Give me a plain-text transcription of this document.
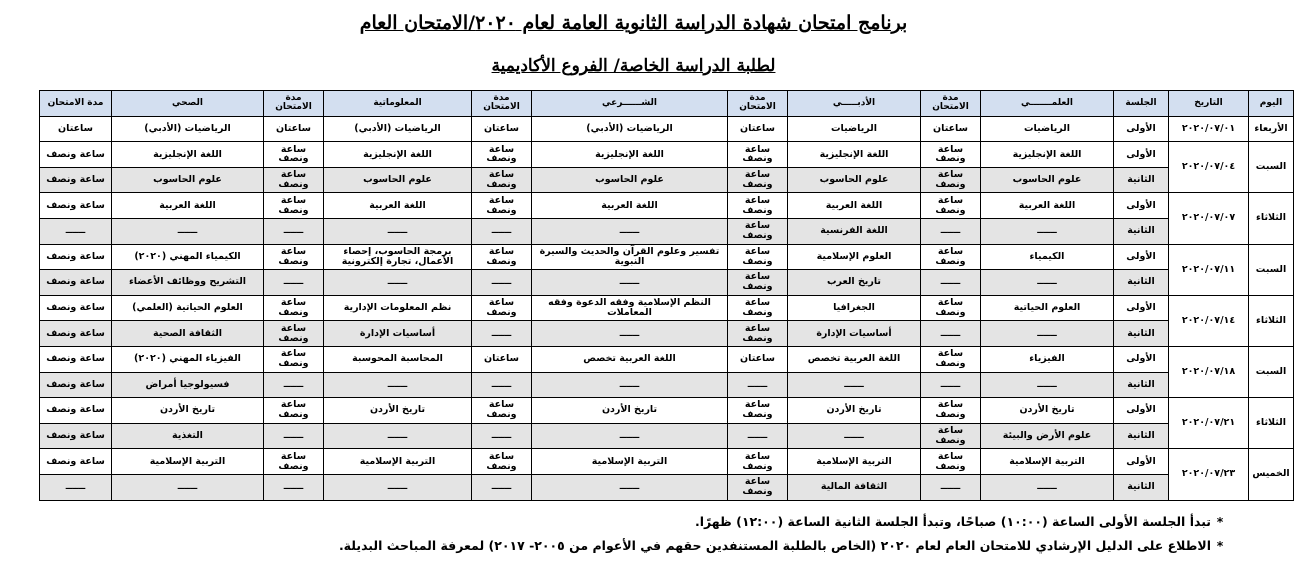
برنامج امتحان شهادة الدراسة الثانوية العامة لعام ٢٠٢٠/الامتحان العام
لطلبة الدراسة الخاصة/ الفروع الأكاديمية
اليوم	التاريخ	الجلسة	العلمـــــــي	مدة الامتحان	الأدبـــــي	مدة الامتحان	الشــــــرعي	مدة الامتحان	المعلوماتية	مدة الامتحان	الصحي	مدة الامتحان
الأربعاء	٢٠٢٠/٠٧/٠١	الأولى	الرياضيات	ساعتان	الرياضيات	ساعتان	الرياضيات (الأدبي)	ساعتان	الرياضيات (الأدبي)	ساعتان	الرياضيات (الأدبي)	ساعتان
السبت	٢٠٢٠/٠٧/٠٤	الأولى	اللغة الإنجليزية	ساعة ونصف	اللغة الإنجليزية	ساعة ونصف	اللغة الإنجليزية	ساعة ونصف	اللغة الإنجليزية	ساعة ونصف	اللغة الإنجليزية	ساعة ونصف
		الثانية	علوم الحاسوب	ساعة ونصف	علوم الحاسوب	ساعة ونصف	علوم الحاسوب	ساعة ونصف	علوم الحاسوب	ساعة ونصف	علوم الحاسوب	ساعة ونصف
الثلاثاء	٢٠٢٠/٠٧/٠٧	الأولى	اللغة العربية	ساعة ونصف	اللغة العربية	ساعة ونصف	اللغة العربية	ساعة ونصف	اللغة العربية	ساعة ونصف	اللغة العربية	ساعة ونصف
		الثانية	ــــــ	ــــــ	اللغة الفرنسية	ساعة ونصف	ــــــ	ــــــ	ــــــ	ــــــ	ــــــ	ــــــ
السبت	٢٠٢٠/٠٧/١١	الأولى	الكيمياء	ساعة ونصف	العلوم الإسلامية	ساعة ونصف	تفسير وعلوم القرآن والحديث والسيرة النبوية	ساعة ونصف	برمجة الحاسوب، إحصاء الأعمال، تجارة إلكترونية	ساعة ونصف	الكيمياء المهني (٢٠٢٠)	ساعة ونصف
		الثانية	ــــــ	ــــــ	تاريخ العرب	ساعة ونصف	ــــــ	ــــــ	ــــــ	ــــــ	التشريح ووظائف الأعضاء	ساعة ونصف
الثلاثاء	٢٠٢٠/٠٧/١٤	الأولى	العلوم الحياتية	ساعة ونصف	الجغرافيا	ساعة ونصف	النظم الإسلامية وفقه الدعوة وفقه المعاملات	ساعة ونصف	نظم المعلومات الإدارية	ساعة ونصف	العلوم الحياتية (العلمي)	ساعة ونصف
		الثانية	ــــــ	ــــــ	أساسيات الإدارة	ساعة ونصف	ــــــ	ــــــ	أساسيات الإدارة	ساعة ونصف	الثقافة الصحية	ساعة ونصف
السبت	٢٠٢٠/٠٧/١٨	الأولى	الفيزياء	ساعة ونصف	اللغة العربية تخصص	ساعتان	اللغة العربية تخصص	ساعتان	المحاسبة المحوسبة	ساعة ونصف	الفيزياء المهني (٢٠٢٠)	ساعة ونصف
		الثانية	ــــــ	ــــــ	ــــــ	ــــــ	ــــــ	ــــــ	ــــــ	ــــــ	فسيولوجيا أمراض	ساعة ونصف
الثلاثاء	٢٠٢٠/٠٧/٢١	الأولى	تاريخ الأردن	ساعة ونصف	تاريخ الأردن	ساعة ونصف	تاريخ الأردن	ساعة ونصف	تاريخ الأردن	ساعة ونصف	تاريخ الأردن	ساعة ونصف
		الثانية	علوم الأرض والبيئة	ساعة ونصف	ــــــ	ــــــ	ــــــ	ــــــ	ــــــ	ــــــ	التغذية	ساعة ونصف
الخميس	٢٠٢٠/٠٧/٢٣	الأولى	التربية الإسلامية	ساعة ونصف	التربية الإسلامية	ساعة ونصف	التربية الإسلامية	ساعة ونصف	التربية الإسلامية	ساعة ونصف	التربية الإسلامية	ساعة ونصف
		الثانية	ــــــ	ــــــ	الثقافة المالية	ساعة ونصف	ــــــ	ــــــ	ــــــ	ــــــ	ــــــ	ــــــ
*تبدأ الجلسة الأولى الساعة (١٠:٠٠) صباحًا، وتبدأ الجلسة الثانية الساعة (١٢:٠٠) ظهرًا.
*الاطلاع على الدليل الإرشادي للامتحان العام لعام ٢٠٢٠ (الخاص بالطلبة المستنفدين حقهم في الأعوام من ٢٠٠٥- ٢٠١٧) لمعرفة المباحث البديلة.
